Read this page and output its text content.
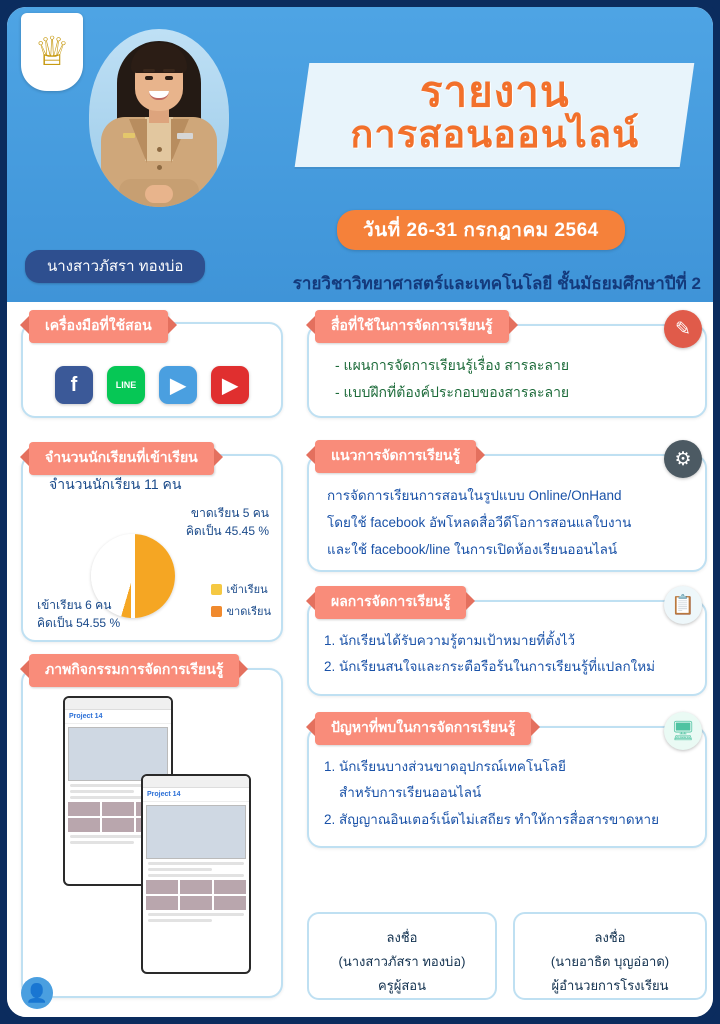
♕
รายงาน
การสอนออนไลน์
วันที่ 26-31 กรกฎาคม 2564
นางสาวภัสรา ทองบ่อ
รายวิชาวิทยาศาสตร์และเทคโนโลยี ชั้นมัธยมศึกษาปีที่ 2
f	LINE ▶ ▶
เครื่องมือที่ใช้สอน
- แผนการจัดการเรียนรู้เรื่อง สารละลาย
- แบบฝึกที่ต้องค์ประกอบของสารละลาย
สื่อที่ใช้ในการจัดการเรียนรู้	✎
จำนวนนักเรียน 11 คน
ขาดเรียน 5 คน
คิดเป็น 45.45 %
เข้าเรียน 6 คน
คิดเป็น 54.55 %
เข้าเรียน
ขาดเรียน
จำนวนนักเรียนที่เข้าเรียน
การจัดการเรียนการสอนในรูปแบบ Online/OnHand
โดยใช้ facebook อัพโหลดสื่อวีดีโอการสอนแลใบงาน
และใช้ facebook/line ในการเปิดห้องเรียนออนไลน์
แนวการจัดการเรียนรู้	⚙
1. นักเรียนได้รับความรู้ตามเป้าหมายที่ตั้งไว้
2. นักเรียนสนใจและกระตือรือร้นในการเรียนรู้ที่แปลกใหม่
ผลการจัดการเรียนรู้	📋
1. นักเรียนบางส่วนขาดอุปกรณ์เทคโนโลยี
สำหรับการเรียนออนไลน์
2. สัญญาณอินเตอร์เน็ตไม่เสถียร ทำให้การสื่อสารขาดหาย
ปัญหาที่พบในการจัดการเรียนรู้	🖥
Project 14
Project 14
ภาพกิจกรรมการจัดการเรียนรู้
ลงชื่อ
(นางสาวภัสรา ทองบ่อ)
ครูผู้สอน
ลงชื่อ
(นายอาธิต บุญอ่อาด)
ผู้อำนวยการโรงเรียน
👤
